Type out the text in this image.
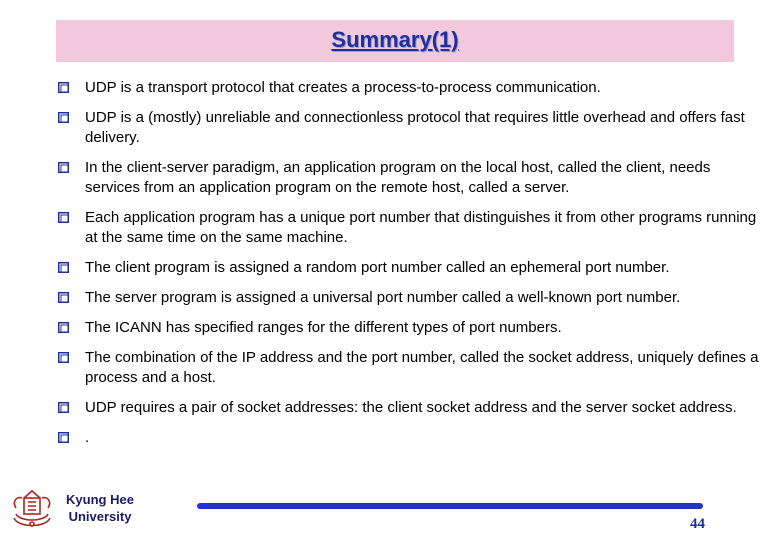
Summary(1)
UDP is a transport protocol that creates a process-to-process communication.
UDP is a (mostly) unreliable and connectionless protocol that requires little overhead and offers fast delivery.
In the client-server paradigm, an application program on the local host, called the client, needs services from an application program on the remote host, called a server.
Each application program has a unique port number that distinguishes it from other programs running at the same time on the same machine.
The client program is assigned a random port number called an ephemeral port number.
The server program is assigned a universal port number called a well-known port number.
The ICANN has specified ranges for the different types of port numbers.
The combination of the IP address and the port number, called the socket address, uniquely defines a process and a host.
UDP requires a pair of socket addresses: the client socket address and the server socket address.
.
Kyung Hee
University	44
